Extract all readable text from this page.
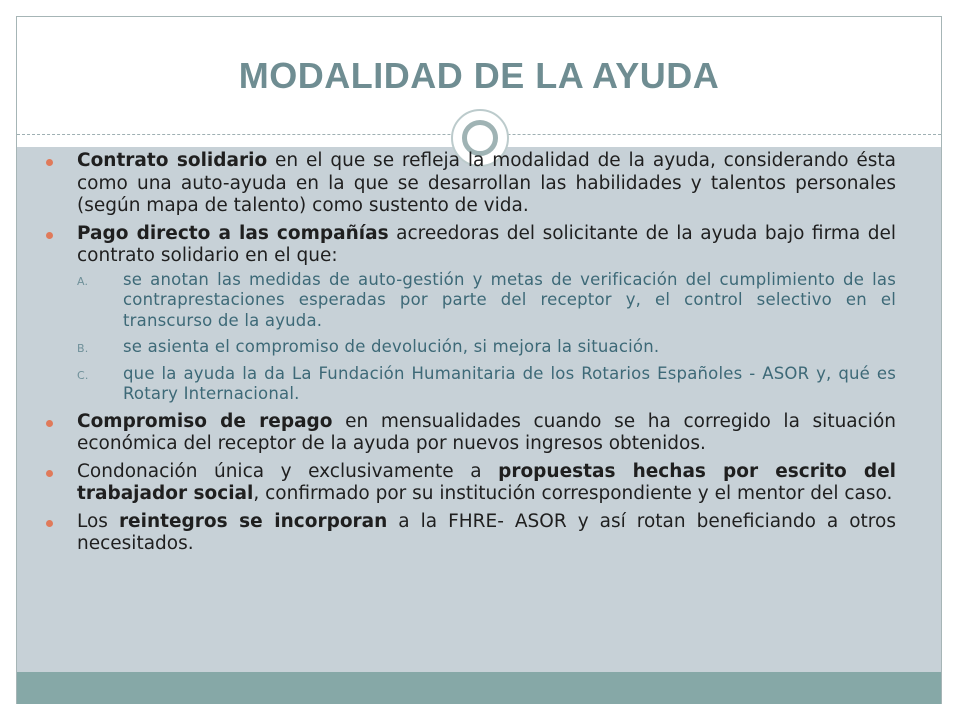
MODALIDAD DE LA AYUDA
Contrato solidario en el que se refleja la modalidad de la ayuda, considerando ésta como una auto-ayuda en la que se desarrollan las habilidades y talentos personales (según mapa de talento) como sustento de vida.
Pago directo a las compañías acreedoras del solicitante de la ayuda bajo firma del contrato solidario en el que:
A. se anotan las medidas de auto-gestión y metas de verificación del cumplimiento de las contraprestaciones esperadas por parte del receptor y, el control selectivo en el transcurso de la ayuda.
B. se asienta el compromiso de devolución, si mejora la situación.
C. que la ayuda la da La Fundación Humanitaria de los Rotarios Españoles - ASOR y, qué es Rotary Internacional.
Compromiso de repago en mensualidades cuando se ha corregido la situación económica del receptor de la ayuda por nuevos ingresos obtenidos.
Condonación única y exclusivamente a propuestas hechas por escrito del trabajador social, confirmado por su institución correspondiente y el mentor del caso.
Los reintegros se incorporan a la FHRE- ASOR y así rotan beneficiando a otros necesitados.
